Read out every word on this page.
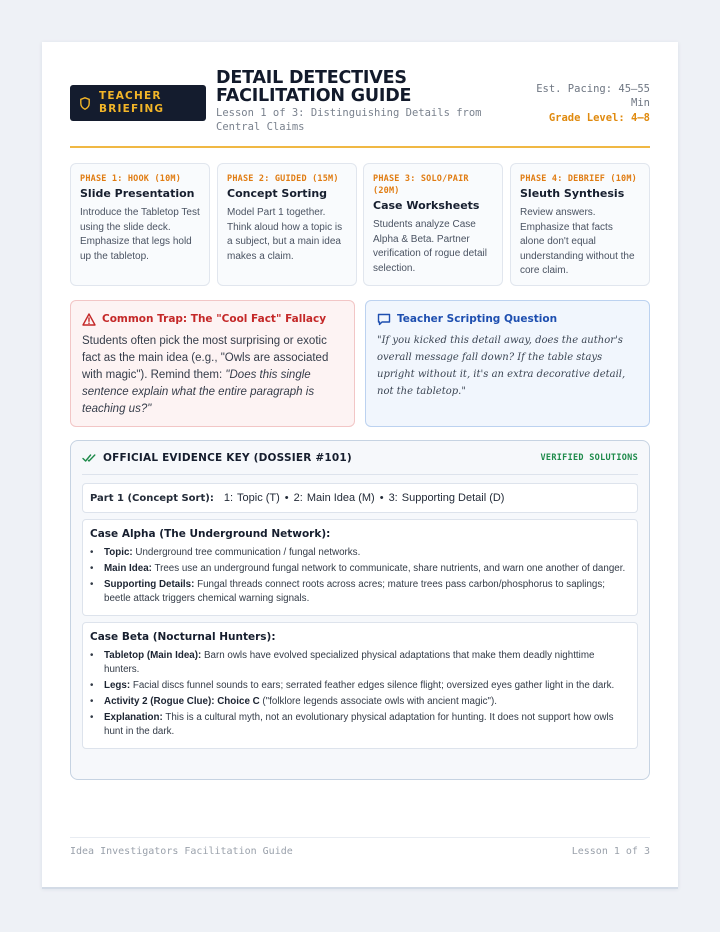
TEACHER
BRIEFING
DETAIL DETECTIVES
FACILITATION GUIDE
Lesson 1 of 3: Distinguishing Details from Central Claims
Est. Pacing: 45–55 Min
Grade Level: 4–8
PHASE 1: HOOK (10M)
Slide Presentation
Introduce the Tabletop Test using the slide deck. Emphasize that legs hold up the tabletop.
PHASE 2: GUIDED (15M)
Concept Sorting
Model Part 1 together. Think aloud how a topic is a subject, but a main idea makes a claim.
PHASE 3: SOLO/PAIR (20M)
Case Worksheets
Students analyze Case Alpha & Beta. Partner verification of rogue detail selection.
PHASE 4: DEBRIEF (10M)
Sleuth Synthesis
Review answers. Emphasize that facts alone don't equal understanding without the core claim.
Common Trap: The "Cool Fact" Fallacy
Students often pick the most surprising or exotic fact as the main idea (e.g., "Owls are associated with magic"). Remind them: "Does this single sentence explain what the entire paragraph is teaching us?"
Teacher Scripting Question
"If you kicked this detail away, does the author's overall message fall down? If the table stays upright without it, it's an extra decorative detail, not the tabletop."
OFFICIAL EVIDENCE KEY (DOSSIER #101)	VERIFIED SOLUTIONS
Part 1 (Concept Sort): 1: Topic (T) • 2: Main Idea (M) • 3: Supporting Detail (D)
Case Alpha (The Underground Network):
• Topic: Underground tree communication / fungal networks.
• Main Idea: Trees use an underground fungal network to communicate, share nutrients, and warn one another of danger.
• Supporting Details: Fungal threads connect roots across acres; mature trees pass carbon/phosphorus to saplings; beetle attack triggers chemical warning signals.
Case Beta (Nocturnal Hunters):
• Tabletop (Main Idea): Barn owls have evolved specialized physical adaptations that make them deadly nighttime hunters.
• Legs: Facial discs funnel sounds to ears; serrated feather edges silence flight; oversized eyes gather light in the dark.
• Activity 2 (Rogue Clue): Choice C ("folklore legends associate owls with ancient magic").
• Explanation: This is a cultural myth, not an evolutionary physical adaptation for hunting. It does not support how owls hunt in the dark.
Idea Investigators Facilitation Guide	Lesson 1 of 3
